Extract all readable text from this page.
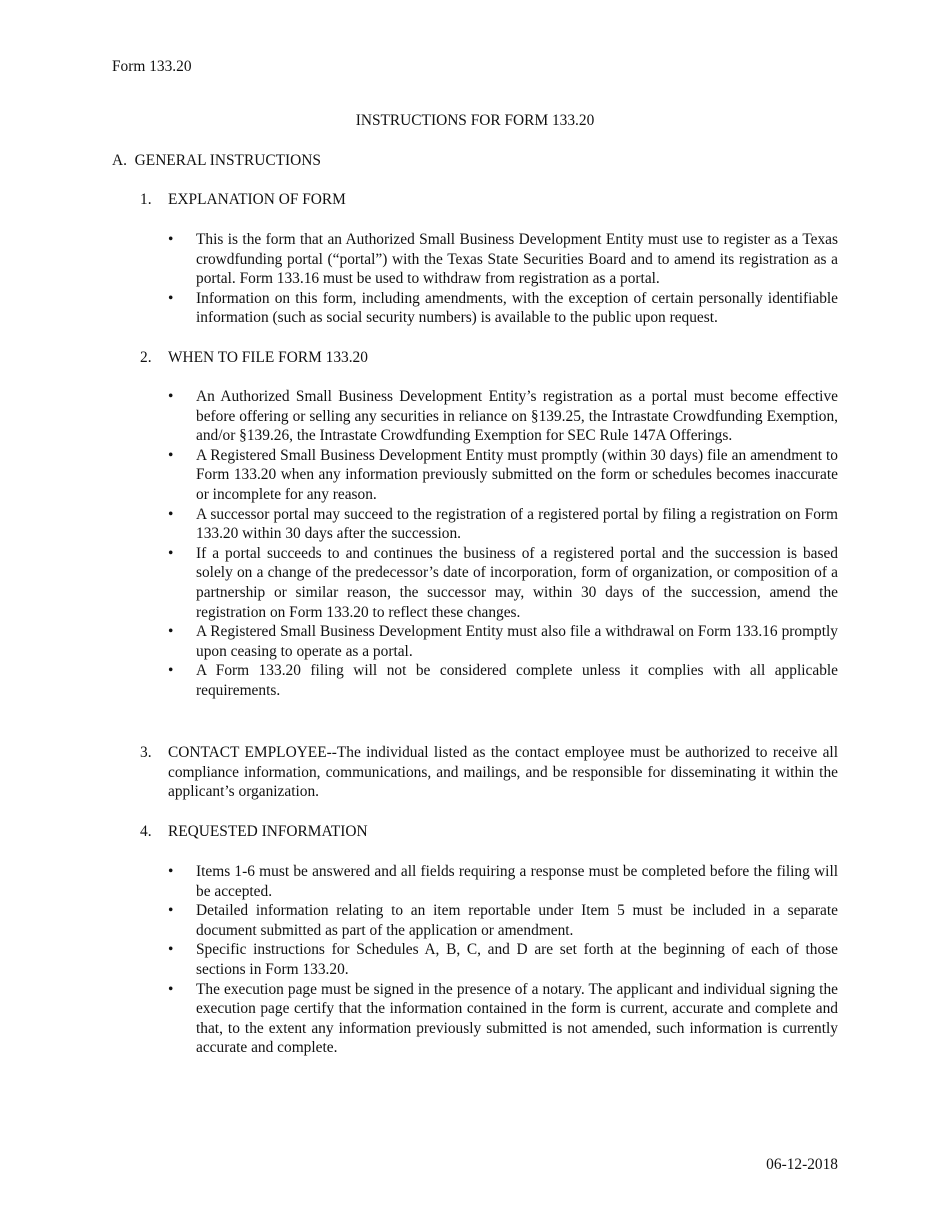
Form 133.20
INSTRUCTIONS FOR FORM 133.20
A. GENERAL INSTRUCTIONS
1. EXPLANATION OF FORM
• This is the form that an Authorized Small Business Development Entity must use to register as a Texas crowdfunding portal (“portal”) with the Texas State Securities Board and to amend its registration as a portal. Form 133.16 must be used to withdraw from registration as a portal.
• Information on this form, including amendments, with the exception of certain personally identifiable information (such as social security numbers) is available to the public upon request.
2. WHEN TO FILE FORM 133.20
• An Authorized Small Business Development Entity’s registration as a portal must become effective before offering or selling any securities in reliance on §139.25, the Intrastate Crowdfunding Exemption, and/or §139.26, the Intrastate Crowdfunding Exemption for SEC Rule 147A Offerings.
• A Registered Small Business Development Entity must promptly (within 30 days) file an amendment to Form 133.20 when any information previously submitted on the form or schedules becomes inaccurate or incomplete for any reason.
• A successor portal may succeed to the registration of a registered portal by filing a registration on Form 133.20 within 30 days after the succession.
• If a portal succeeds to and continues the business of a registered portal and the succession is based solely on a change of the predecessor’s date of incorporation, form of organization, or composition of a partnership or similar reason, the successor may, within 30 days of the succession, amend the registration on Form 133.20 to reflect these changes.
• A Registered Small Business Development Entity must also file a withdrawal on Form 133.16 promptly upon ceasing to operate as a portal.
• A Form 133.20 filing will not be considered complete unless it complies with all applicable requirements.
3. CONTACT EMPLOYEE--The individual listed as the contact employee must be authorized to receive all compliance information, communications, and mailings, and be responsible for disseminating it within the applicant’s organization.
4. REQUESTED INFORMATION
• Items 1-6 must be answered and all fields requiring a response must be completed before the filing will be accepted.
• Detailed information relating to an item reportable under Item 5 must be included in a separate document submitted as part of the application or amendment.
• Specific instructions for Schedules A, B, C, and D are set forth at the beginning of each of those sections in Form 133.20.
• The execution page must be signed in the presence of a notary. The applicant and individual signing the execution page certify that the information contained in the form is current, accurate and complete and that, to the extent any information previously submitted is not amended, such information is currently accurate and complete.
06-12-2018
